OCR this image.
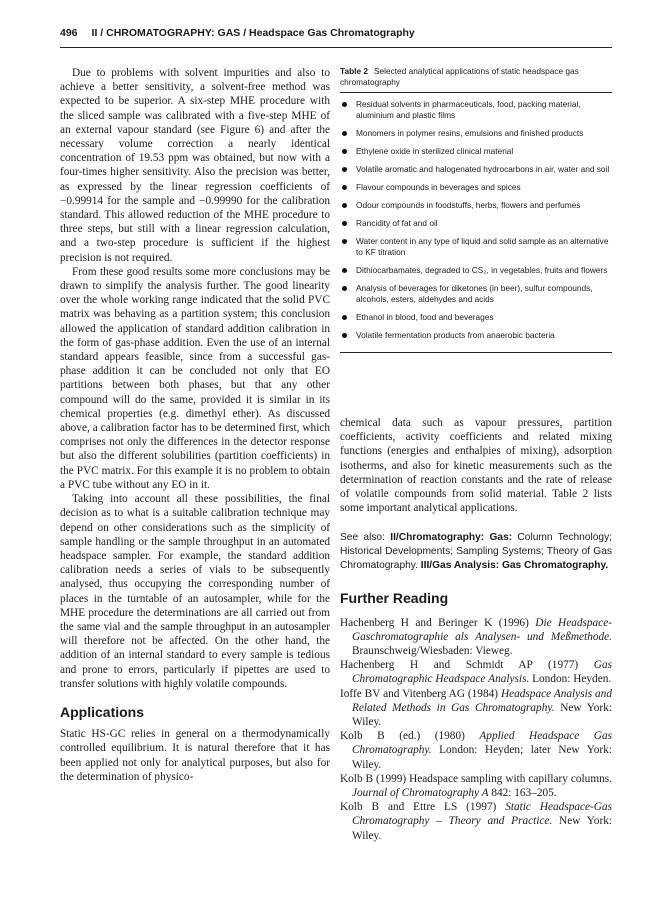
496 II / CHROMATOGRAPHY: GAS / Headspace Gas Chromatography

Due to problems with solvent impurities and also to achieve a better sensitivity, a solvent-free method was expected to be superior. A six-step MHE procedure with the sliced sample was calibrated with a five-step MHE of an external vapour standard (see Figure 6) and after the necessary volume correction a nearly identical concentration of 19.53 ppm was obtained, but now with a four-times higher sensitivity. Also the precision was better, as expressed by the linear regression coefficients of −0.99914 for the sample and −0.99990 for the calibration standard. This allowed reduction of the MHE procedure to three steps, but still with a linear regression calculation, and a two-step procedure is sufficient if the highest precision is not required.

From these good results some more conclusions may be drawn to simplify the analysis further. The good linearity over the whole working range indicated that the solid PVC matrix was behaving as a partition system; this conclusion allowed the application of standard addition calibration in the form of gas-phase addition. Even the use of an internal standard appears feasible, since from a successful gas-phase addition it can be concluded not only that EO partitions between both phases, but that any other compound will do the same, provided it is similar in its chemical properties (e.g. dimethyl ether). As discussed above, a calibration factor has to be determined first, which comprises not only the differences in the detector response but also the different solubilities (partition coefficients) in the PVC matrix. For this example it is no problem to obtain a PVC tube without any EO in it.

Taking into account all these possibilities, the final decision as to what is a suitable calibration technique may depend on other considerations such as the simplicity of sample handling or the sample throughput in an automated headspace sampler. For example, the standard addition calibration needs a series of vials to be subsequently analysed, thus occupying the corresponding number of places in the turntable of an autosampler, while for the MHE procedure the determinations are all carried out from the same vial and the sample throughput in an autosampler will therefore not be affected. On the other hand, the addition of an internal standard to every sample is tedious and prone to errors, particularly if pipettes are used to transfer solutions with highly volatile compounds.

Applications

Static HS-GC relies in general on a thermodynamically controlled equilibrium. It is natural therefore that it has been applied not only for analytical purposes, but also for the determination of physico-

Table 2 Selected analytical applications of static headspace gas chromatography
Residual solvents in pharmaceuticals, food, packing material, aluminium and plastic films
Monomers in polymer resins, emulsions and finished products
Ethylene oxide in sterilized clinical material
Volatile aromatic and halogenated hydrocarbons in air, water and soil
Flavour compounds in beverages and spices
Odour compounds in foodstuffs, herbs, flowers and perfumes
Rancidity of fat and oil
Water content in any type of liquid and solid sample as an alternative to KF titration
Dithiocarbamates, degraded to CS₂, in vegetables, fruits and flowers
Analysis of beverages for diketones (in beer), sulfur compounds, alcohols, esters, aldehydes and acids
Ethanol in blood, food and beverages
Volatile fermentation products from anaerobic bacteria

chemical data such as vapour pressures, partition coefficients, activity coefficients and related mixing functions (energies and enthalpies of mixing), adsorption isotherms, and also for kinetic measurements such as the determination of reaction constants and the rate of release of volatile compounds from solid material. Table 2 lists some important analytical applications.

See also: II/Chromatography: Gas: Column Technology; Historical Developments; Sampling Systems; Theory of Gas Chromatography. III/Gas Analysis: Gas Chromatography.
Further Reading

Hachenberg H and Beringer K (1996) Die Headspace-Gaschromatographie als Analysen- und Meßmethode. Braunschweig/Wiesbaden: Vieweg.

Hachenberg H and Schmidt AP (1977) Gas Chromatographic Headspace Analysis. London: Heyden.

Ioffe BV and Vitenberg AG (1984) Headspace Analysis and Related Methods in Gas Chromatography. New York: Wiley.

Kolb B (ed.) (1980) Applied Headspace Gas Chromatography. London: Heyden; later New York: Wiley.

Kolb B (1999) Headspace sampling with capillary columns. Journal of Chromatography A 842: 163–205.

Kolb B and Ettre LS (1997) Static Headspace-Gas Chromatography – Theory and Practice. New York: Wiley.
